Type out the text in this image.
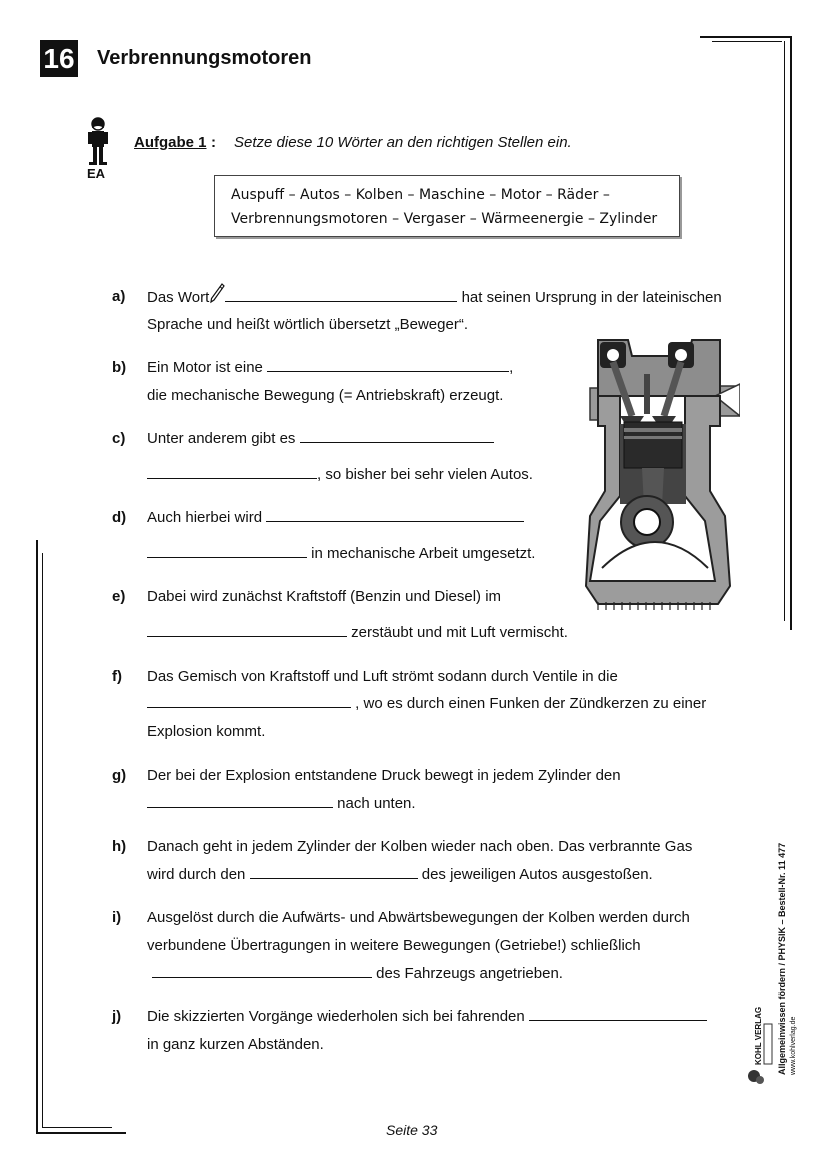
16 Verbrennungsmotoren
EA
Aufgabe 1 : Setze diese 10 Wörter an den richtigen Stellen ein.
Auspuff – Autos – Kolben – Maschine – Motor – Räder –
Verbrennungsmotoren – Vergaser – Wärmeenergie – Zylinder
a) Das Wort	hat seinen Ursprung in der lateinischen
Sprache und heißt wörtlich übersetzt „Beweger“.
b) Ein Motor ist eine	,
die mechanische Bewegung (= Antriebskraft) erzeugt.
c) Unter anderem gibt es
, so bisher bei sehr vielen Autos.
d) Auch hierbei wird
in mechanische Arbeit umgesetzt.
e) Dabei wird zunächst Kraftstoff (Benzin und Diesel) im
zerstäubt und mit Luft vermischt.
f) Das Gemisch von Kraftstoff und Luft strömt sodann durch Ventile in die
, wo es durch einen Funken der Zündkerzen zu einer
Explosion kommt.
g) Der bei der Explosion entstandene Druck bewegt in jedem Zylinder den
nach unten.
h) Danach geht in jedem Zylinder der Kolben wieder nach oben. Das verbrannte Gas
wird durch den	des jeweiligen Autos ausgestoßen.
i) Ausgelöst durch die Aufwärts- und Abwärtsbewegungen der Kolben werden durch
verbundene Übertragungen in weitere Bewegungen (Getriebe!) schließlich
des Fahrzeugs angetrieben.
j) Die skizzierten Vorgänge wiederholen sich bei fahrenden
in ganz kurzen Abständen.	Allgemeinwissen fördern / PHYSIK – Bestell-Nr. 11 477 www.kohlverlag.de
KOHL VERLAG
Seite 33
